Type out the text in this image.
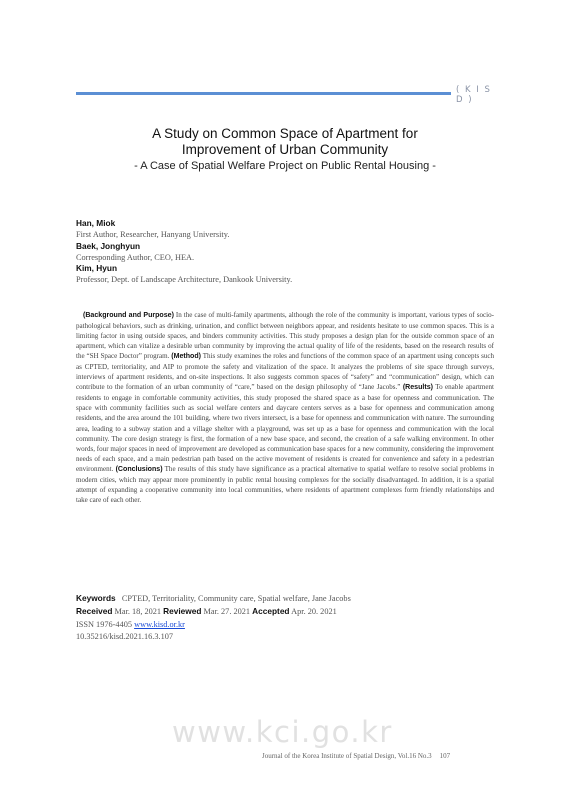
( K I S D )
A Study on Common Space of Apartment for
Improvement of Urban Community
- A Case of Spatial Welfare Project on Public Rental Housing -
Han, Miok
First Author, Researcher, Hanyang University.
Baek, Jonghyun
Corresponding Author, CEO, HEA.
Kim, Hyun
Professor, Dept. of Landscape Architecture, Dankook University.
(Background and Purpose) In the case of multi-family apartments, although the role of the community is important, various types of socio-pathological behaviors, such as drinking, urination, and conflict between neighbors appear, and residents hesitate to use common spaces. This is a limiting factor in using outside spaces, and binders community activities. This study proposes a design plan for the outside common space of an apartment, which can vitalize a desirable urban community by improving the actual quality of life of the residents, based on the research results of the “SH Space Doctor” program. (Method) This study examines the roles and functions of the common space of an apartment using concepts such as CPTED, territoriality, and AIP to promote the safety and vitalization of the space. It analyzes the problems of site space through surveys, interviews of apartment residents, and on-site inspections. It also suggests common spaces of “safety” and “communication” design, which can contribute to the formation of an urban community of “care,” based on the design philosophy of “Jane Jacobs.” (Results) To enable apartment residents to engage in comfortable community activities, this study proposed the shared space as a base for openness and communication. The space with community facilities such as social welfare centers and daycare centers serves as a base for openness and communication among residents, and the area around the 101 building, where two rivers intersect, is a base for openness and communication with nature. The surrounding area, leading to a subway station and a village shelter with a playground, was set up as a base for openness and communication with the local community. The core design strategy is first, the formation of a new base space, and second, the creation of a safe walking environment. In other words, four major spaces in need of improvement are developed as communication base spaces for a new community, considering the improvement needs of each space, and a main pedestrian path based on the active movement of residents is created for convenience and safety in a pedestrian environment. (Conclusions) The results of this study have significance as a practical alternative to spatial welfare to resolve social problems in modern cities, which may appear more prominently in public rental housing complexes for the socially disadvantaged. In addition, it is a spatial attempt of expanding a cooperative community into local communities, where residents of apartment complexes form friendly relationships and take care of each other.
Keywords CPTED, Territoriality, Community care, Spatial welfare, Jane Jacobs
Received Mar. 18, 2021 Reviewed Mar. 27. 2021 Accepted Apr. 20. 2021
ISSN 1976-4405 www.kisd.or.kr
10.35216/kisd.2021.16.3.107
www.kci.go.kr
Journal of the Korea Institute of Spatial Design, Vol.16 No.3 107
